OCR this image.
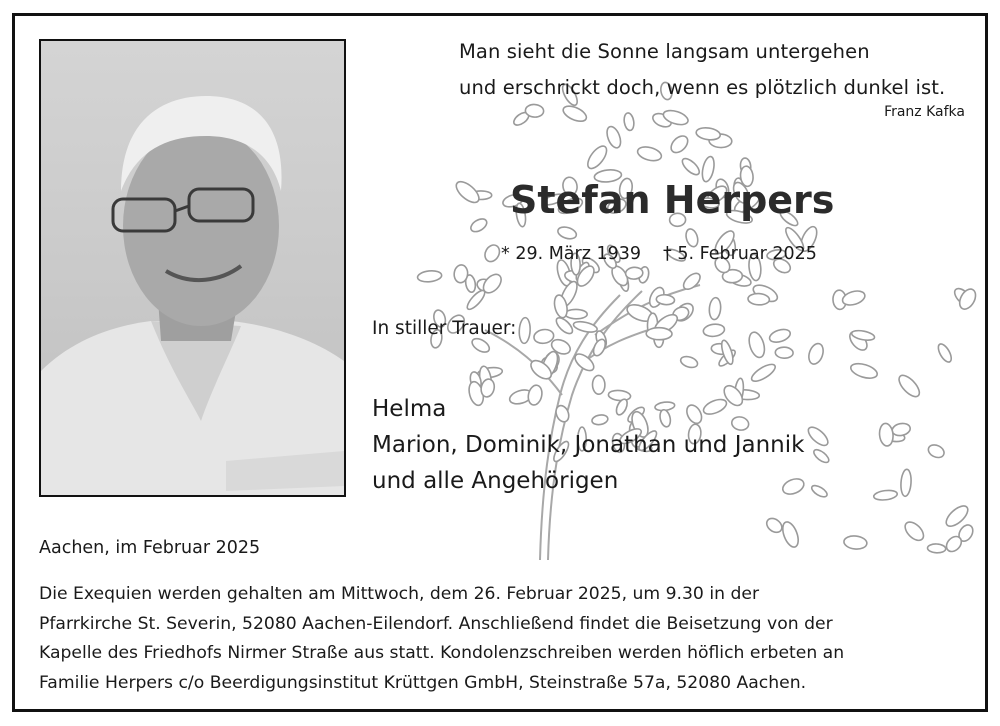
Man sieht die Sonne langsam untergehen
und erschrickt doch, wenn es plötzlich dunkel ist.
Franz Kafka
Stefan Herpers
* 29. März 1939 † 5. Februar 2025
In stiller Trauer:
Helma
Marion, Dominik, Jonathan und Jannik
und alle Angehörigen
Aachen, im Februar 2025
Die Exequien werden gehalten am Mittwoch, dem 26. Februar 2025, um 9.30 in der
Pfarrkirche St. Severin, 52080 Aachen-Eilendorf. Anschließend findet die Beisetzung von der
Kapelle des Friedhofs Nirmer Straße aus statt. Kondolenzschreiben werden höflich erbeten an
Familie Herpers c/o Beerdigungsinstitut Krüttgen GmbH, Steinstraße 57a, 52080 Aachen.
